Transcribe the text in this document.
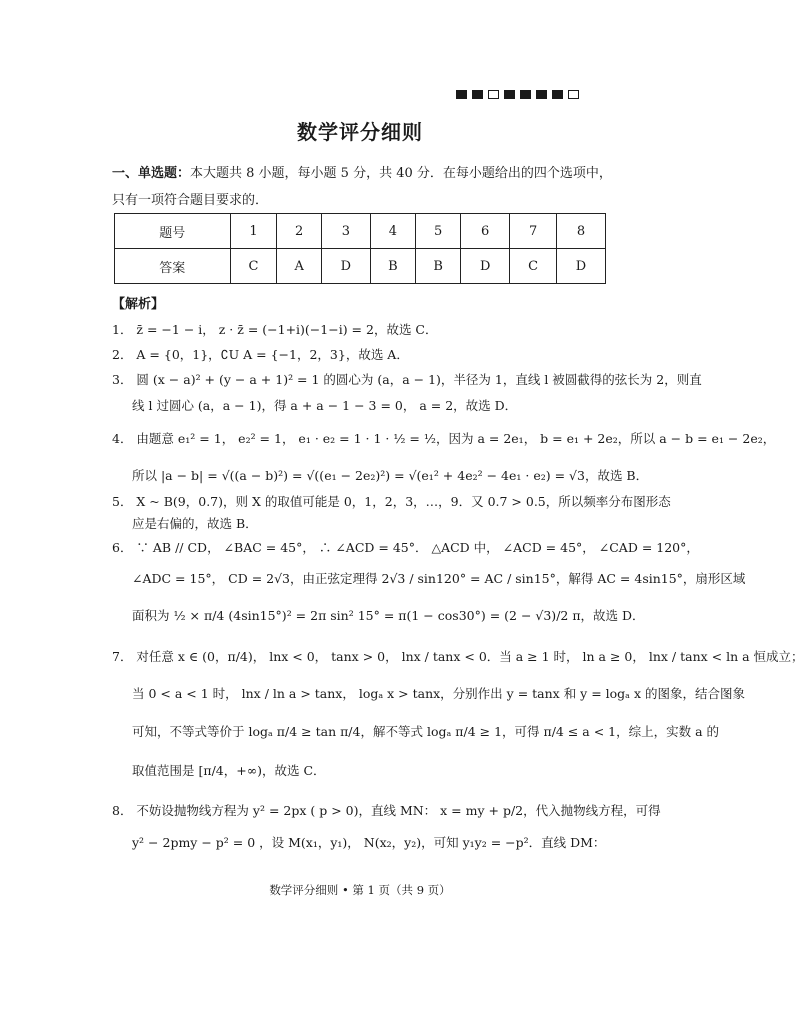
数学评分细则
一、单选题：本大题共 8 小题，每小题 5 分，共 40 分．在每小题给出的四个选项中，只有一项符合题目要求的．
题号	1	2	3	4	5	6	7	8
答案	C	A	D	B	B	D	C	D
【解析】
1． z̄ = −1 − i， z · z̄ = (−1+i)(−1−i) = 2，故选 C．
2． A = {0，1}，∁U A = {−1，2，3}，故选 A．
3． 圆 (x − a)² + (y − a + 1)² = 1 的圆心为 (a，a − 1)，半径为 1，直线 l 被圆截得的弦长为 2，则直
线 l 过圆心 (a，a − 1)，得 a + a − 1 − 3 = 0， a = 2，故选 D．
4． 由题意 e₁² = 1， e₂² = 1， e₁ · e₂ = 1 · 1 · ½ = ½，因为 a = 2e₁， b = e₁ + 2e₂，所以 a − b = e₁ − 2e₂，
所以 |a − b| = √((a − b)²) = √((e₁ − 2e₂)²) = √(e₁² + 4e₂² − 4e₁ · e₂) = √3，故选 B．
5． X ~ B(9，0.7)，则 X 的取值可能是 0，1，2，3，…，9．又 0.7 > 0.5，所以频率分布图形态
应是右偏的，故选 B．
6． ∵ AB // CD， ∠BAC = 45°， ∴ ∠ACD = 45°． △ACD 中， ∠ACD = 45°， ∠CAD = 120°，
∠ADC = 15°， CD = 2√3，由正弦定理得 2√3 / sin120° = AC / sin15°，解得 AC = 4sin15°，扇形区域
面积为 ½ × π/4 (4sin15°)² = 2π sin² 15° = π(1 − cos30°) = (2 − √3)/2 π，故选 D．
7． 对任意 x ∈ (0，π/4)， lnx < 0， tanx > 0， lnx / tanx < 0．当 a ≥ 1 时， ln a ≥ 0， lnx / tanx < ln a 恒成立；
当 0 < a < 1 时， lnx / ln a > tanx， logₐ x > tanx，分别作出 y = tanx 和 y = logₐ x 的图象，结合图象
可知，不等式等价于 logₐ π/4 ≥ tan π/4，解不等式 logₐ π/4 ≥ 1，可得 π/4 ≤ a < 1，综上，实数 a 的
取值范围是 [π/4，+∞)，故选 C．
8． 不妨设抛物线方程为 y² = 2px ( p > 0)，直线 MN： x = my + p/2，代入抛物线方程，可得
y² − 2pmy − p² = 0 ，设 M(x₁，y₁)， N(x₂，y₂)，可知 y₁y₂ = −p²．直线 DM：
数学评分细则 • 第 1 页（共 9 页）
